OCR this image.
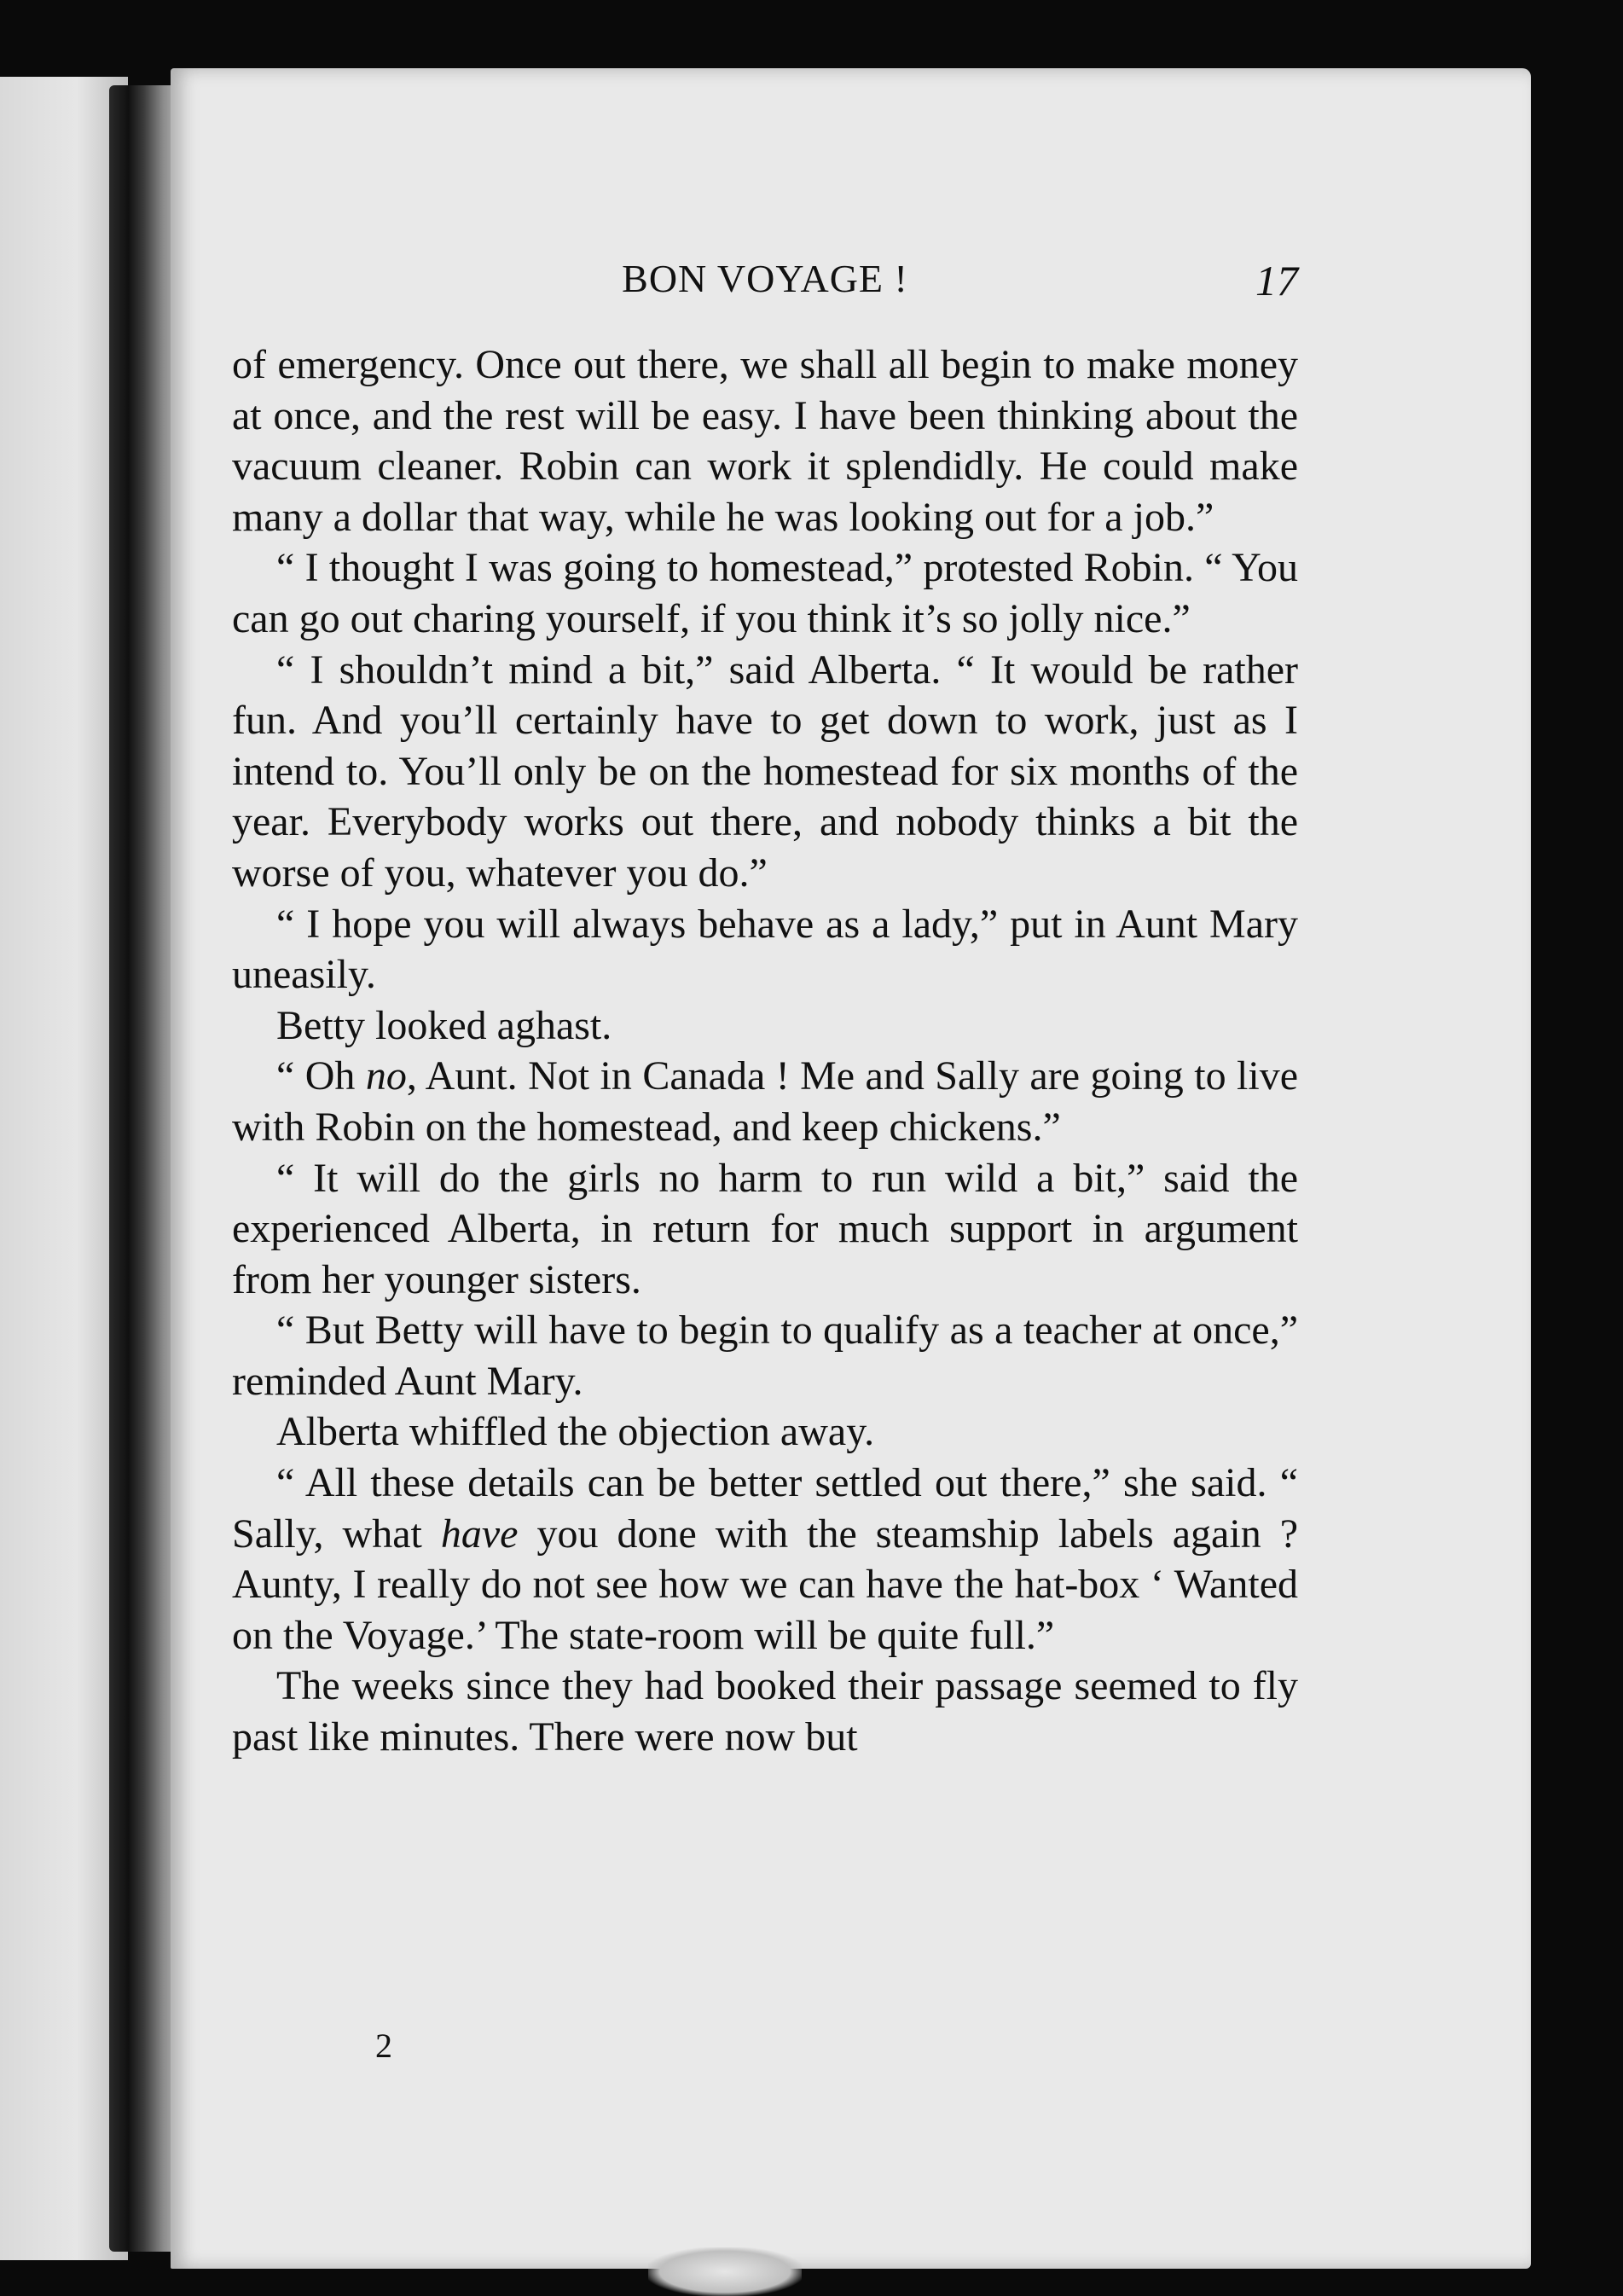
BON VOYAGE !	17

of emergency. Once out there, we shall all begin to make money at once, and the rest will be easy. I have been thinking about the vacuum cleaner. Robin can work it splendidly. He could make many a dollar that way, while he was looking out for a job.”

“ I thought I was going to homestead,” protested Robin. “ You can go out charing yourself, if you think it’s so jolly nice.”

“ I shouldn’t mind a bit,” said Alberta. “ It would be rather fun. And you’ll certainly have to get down to work, just as I intend to. You’ll only be on the homestead for six months of the year. Everybody works out there, and nobody thinks a bit the worse of you, whatever you do.”

“ I hope you will always behave as a lady,” put in Aunt Mary uneasily.

Betty looked aghast.

“ Oh no, Aunt. Not in Canada ! Me and Sally are going to live with Robin on the homestead, and keep chickens.”

“ It will do the girls no harm to run wild a bit,” said the experienced Alberta, in return for much support in argument from her younger sisters.

“ But Betty will have to begin to qualify as a teacher at once,” reminded Aunt Mary.

Alberta whiffled the objection away.

“ All these details can be better settled out there,” she said. “ Sally, what have you done with the steamship labels again ? Aunty, I really do not see how we can have the hat-box ‘ Wanted on the Voyage.’ The state-room will be quite full.”

The weeks since they had booked their passage seemed to fly past like minutes. There were now but

2
